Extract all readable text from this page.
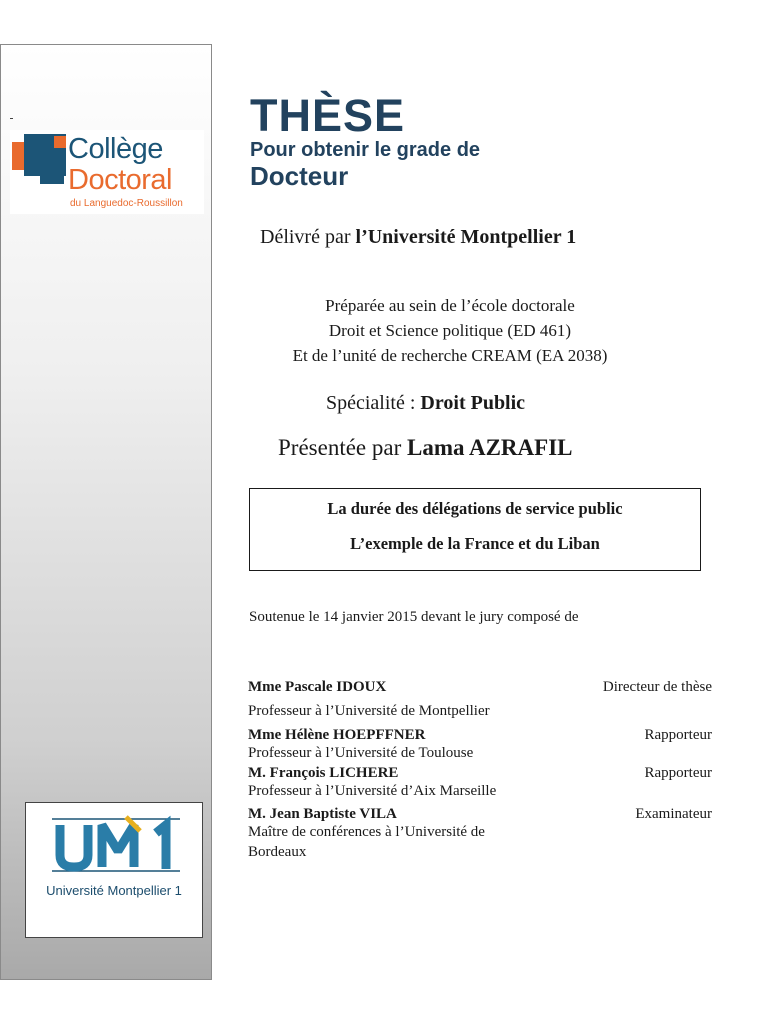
Collège
Doctoral
du Languedoc-Roussillon
Université Montpellier 1
THÈSE
Pour obtenir le grade de
Docteur
Délivré par l’Université Montpellier 1
Préparée au sein de l’école doctorale
Droit et Science politique (ED 461)
Et de l’unité de recherche CREAM (EA 2038)
Spécialité : Droit Public
Présentée par Lama AZRAFIL
La durée des délégations de service public
L’exemple de la France et du Liban
Soutenue le 14 janvier 2015 devant le jury composé de
Mme Pascale IDOUX	Directeur de thèse
Professeur à l’Université de Montpellier
Mme Hélène HOEPFFNER	Rapporteur
Professeur à l’Université de Toulouse
M. François LICHERE	Rapporteur
Professeur à l’Université d’Aix Marseille
M. Jean Baptiste VILA	Examinateur
Maître de conférences à l’Université de
Bordeaux
